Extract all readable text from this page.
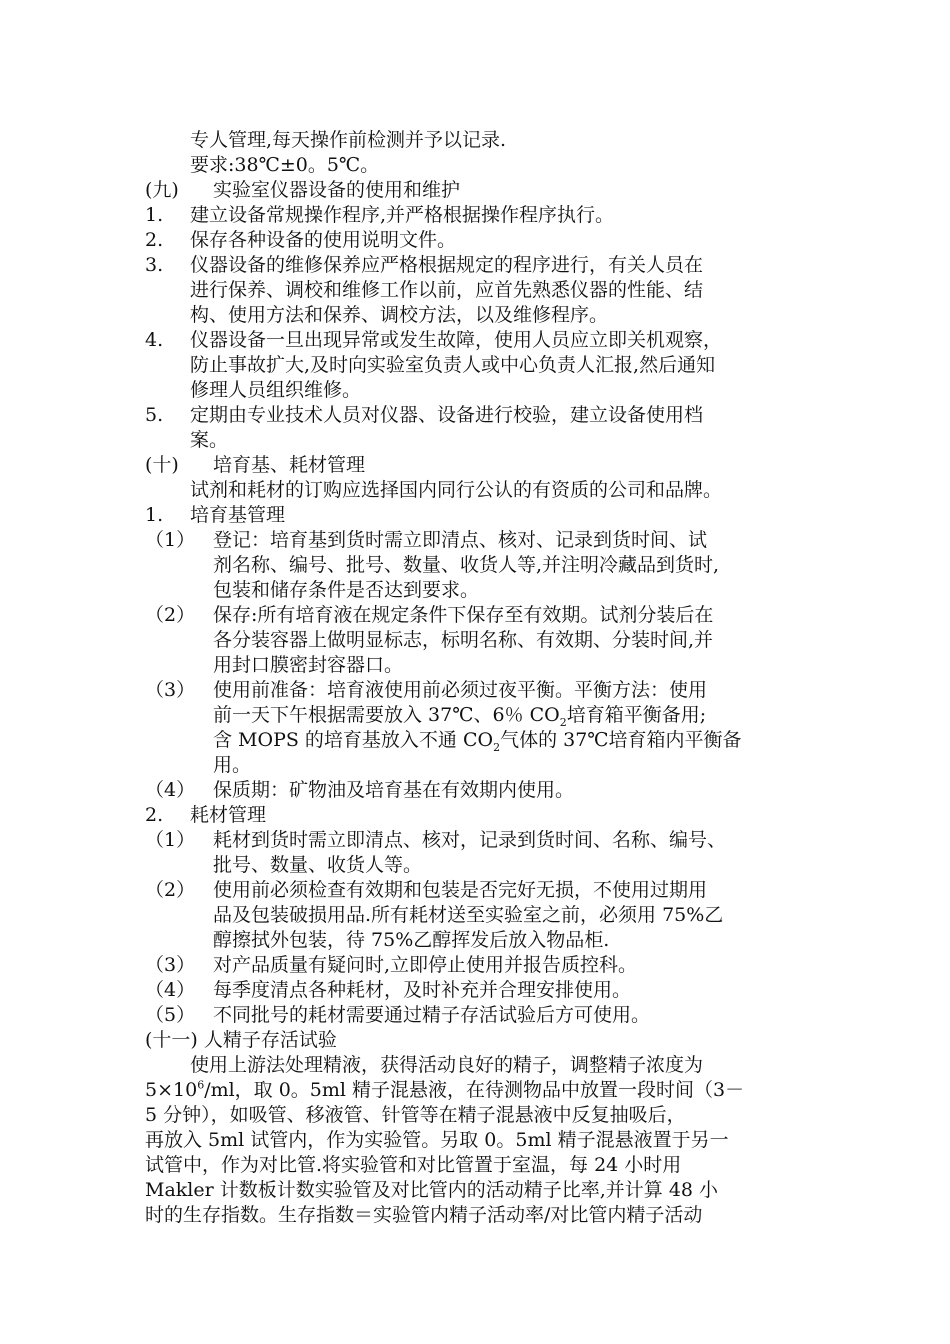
专人管理,每天操作前检测并予以记录.
要求:38℃±0。5℃。
(九) 实验室仪器设备的使用和维护
1. 建立设备常规操作程序,并严格根据操作程序执行。
2. 保存各种设备的使用说明文件。
3. 仪器设备的维修保养应严格根据规定的程序进行，有关人员在
进行保养、调校和维修工作以前，应首先熟悉仪器的性能、结
构、使用方法和保养、调校方法，以及维修程序。
4. 仪器设备一旦出现异常或发生故障，使用人员应立即关机观察，
防止事故扩大,及时向实验室负责人或中心负责人汇报,然后通知
修理人员组织维修。
5. 定期由专业技术人员对仪器、设备进行校验，建立设备使用档
案。
(十) 培育基、耗材管理
试剂和耗材的订购应选择国内同行公认的有资质的公司和品牌。
1. 培育基管理
（1） 登记：培育基到货时需立即清点、核对、记录到货时间、试
剂名称、编号、批号、数量、收货人等,并注明冷藏品到货时,
包装和储存条件是否达到要求。
（2） 保存:所有培育液在规定条件下保存至有效期。试剂分装后在
各分装容器上做明显标志，标明名称、有效期、分装时间,并
用封口膜密封容器口。
（3） 使用前准备：培育液使用前必须过夜平衡。平衡方法：使用
前一天下午根据需要放入 37℃、6％ $CO_2$培育箱平衡备用;
含 MOPS 的培育基放入不通 $CO_2$气体的 37℃培育箱内平衡备
用。
（4） 保质期：矿物油及培育基在有效期内使用。
2. 耗材管理
（1） 耗材到货时需立即清点、核对，记录到货时间、名称、编号、
批号、数量、收货人等。
（2） 使用前必须检查有效期和包装是否完好无损，不使用过期用
品及包装破损用品.所有耗材送至实验室之前，必须用 75%乙
醇擦拭外包装，待 75%乙醇挥发后放入物品柜.
（3） 对产品质量有疑问时,立即停止使用并报告质控科。
（4） 每季度清点各种耗材，及时补充并合理安排使用。
（5） 不同批号的耗材需要通过精子存活试验后方可使用。
(十一) 人精子存活试验
使用上游法处理精液，获得活动良好的精子，调整精子浓度为
$5\times 10^6/ml$，取 0。5ml 精子混悬液，在待测物品中放置一段时间（3－
5 分钟），如吸管、移液管、针管等在精子混悬液中反复抽吸后，
再放入 5ml 试管内，作为实验管。另取 0。5ml 精子混悬液置于另一
试管中，作为对比管.将实验管和对比管置于室温，每 24 小时用
Makler 计数板计数实验管及对比管内的活动精子比率,并计算 48 小
时的生存指数。生存指数＝实验管内精子活动率/对比管内精子活动
